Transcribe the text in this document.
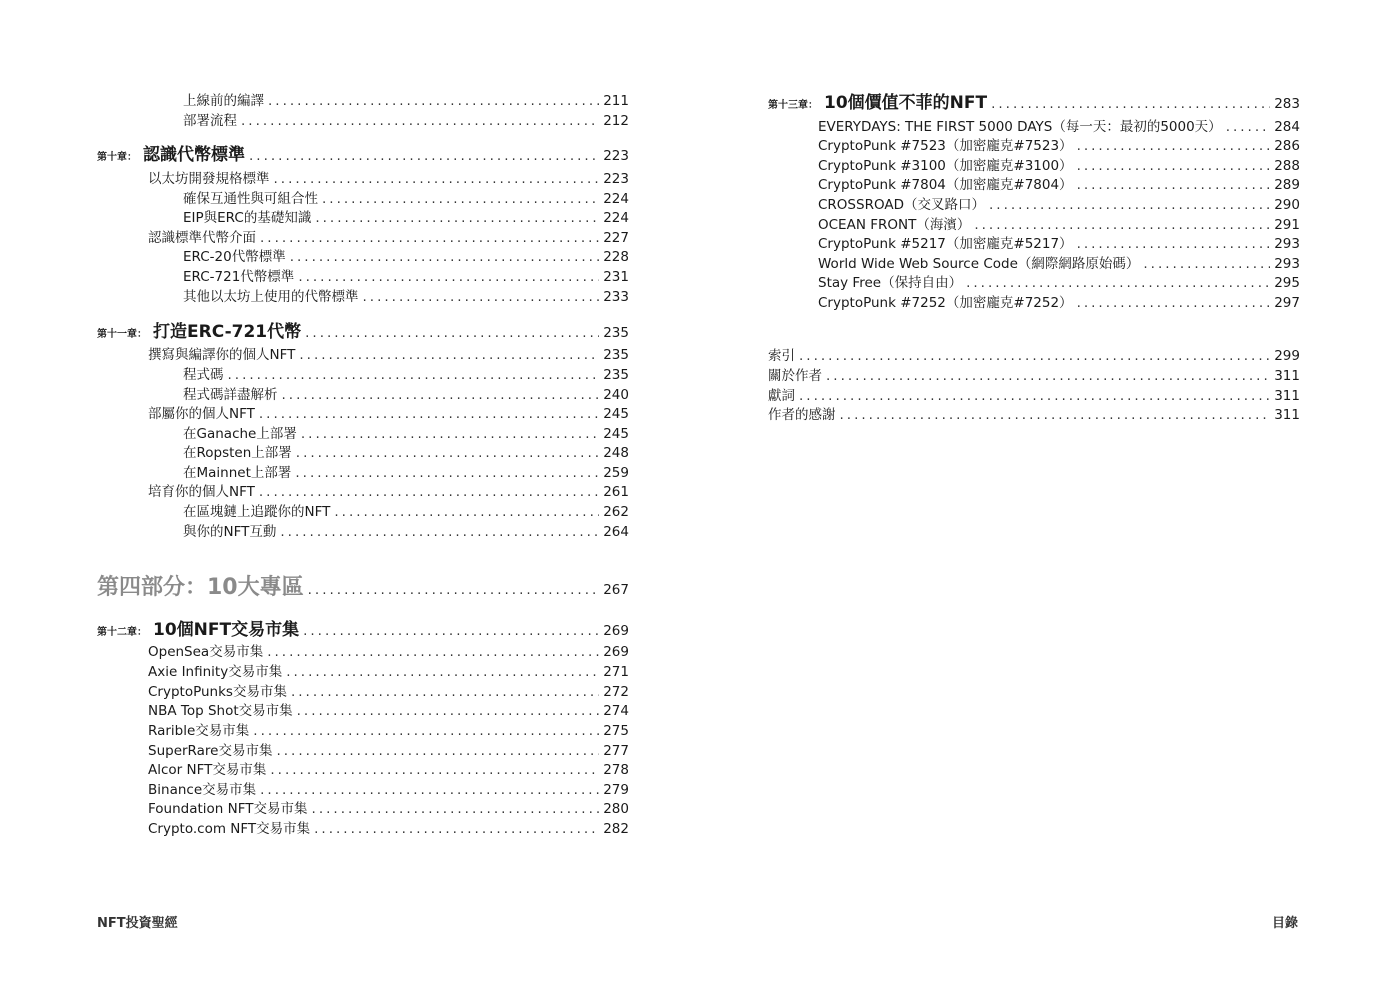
上線前的編譯 .....	211
部署流程 .....	212
第十章： 認識代幣標準 .....	223
以太坊開發規格標準 .....	223
確保互通性與可組合性 .....	224
EIP與ERC的基礎知識 .....	224
認識標準代幣介面 .....	227
ERC-20代幣標準 .....	228
ERC-721代幣標準 .....	231
其他以太坊上使用的代幣標準 .....	233
第十一章： 打造ERC-721代幣 .....	235
撰寫與編譯你的個人NFT .....	235
程式碼 .....	235
程式碼詳盡解析 .....	240
部屬你的個人NFT .....	245
在Ganache上部署 .....	245
在Ropsten上部署 .....	248
在Mainnet上部署 .....	259
培育你的個人NFT .....	261
在區塊鏈上追蹤你的NFT .....	262
與你的NFT互動 .....	264
第四部分：10大專區 .....	267
第十二章： 10個NFT交易市集 .....	269
OpenSea交易市集 .....	269
Axie Infinity交易市集 .....	271
CryptoPunks交易市集 .....	272
NBA Top Shot交易市集 .....	274
Rarible交易市集 .....	275
SuperRare交易市集 .....	277
Alcor NFT交易市集 .....	278
Binance交易市集 .....	279
Foundation NFT交易市集 .....	280
Crypto.com NFT交易市集 .....	282
NFT投資聖經
第十三章： 10個價值不菲的NFT .....	283
EVERYDAYS: THE FIRST 5000 DAYS（每一天：最初的5000天） .....	284
CryptoPunk #7523（加密龐克#7523） .....	286
CryptoPunk #3100（加密龐克#3100） .....	288
CryptoPunk #7804（加密龐克#7804） .....	289
CROSSROAD（交叉路口） .....	290
OCEAN FRONT（海濱） .....	291
CryptoPunk #5217（加密龐克#5217） .....	293
World Wide Web Source Code（網際網路原始碼） .....	293
Stay Free（保持自由） .....	295
CryptoPunk #7252（加密龐克#7252） .....	297
索引 .....	299
關於作者 .....	311
獻詞 .....	311
作者的感謝 .....	311
目錄
